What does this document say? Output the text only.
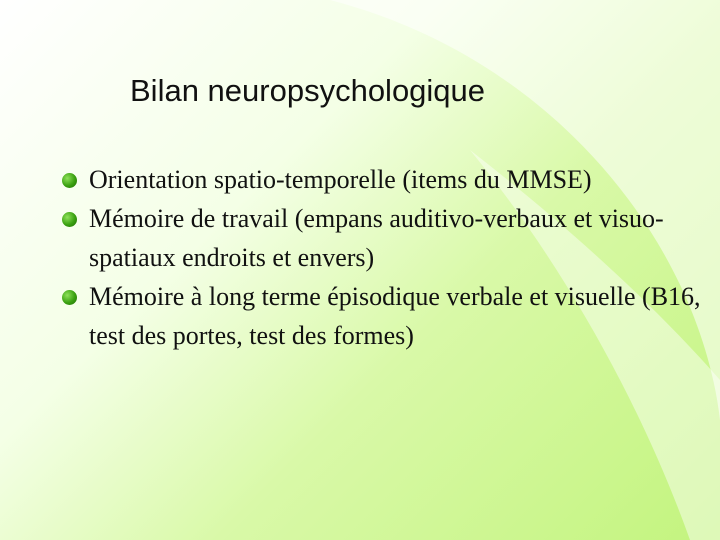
Bilan neuropsychologique
Orientation spatio-temporelle (items du MMSE)
Mémoire de travail (empans auditivo-verbaux et visuo-spatiaux endroits et envers)
Mémoire à long terme épisodique verbale et visuelle (B16, test des portes, test des formes)
